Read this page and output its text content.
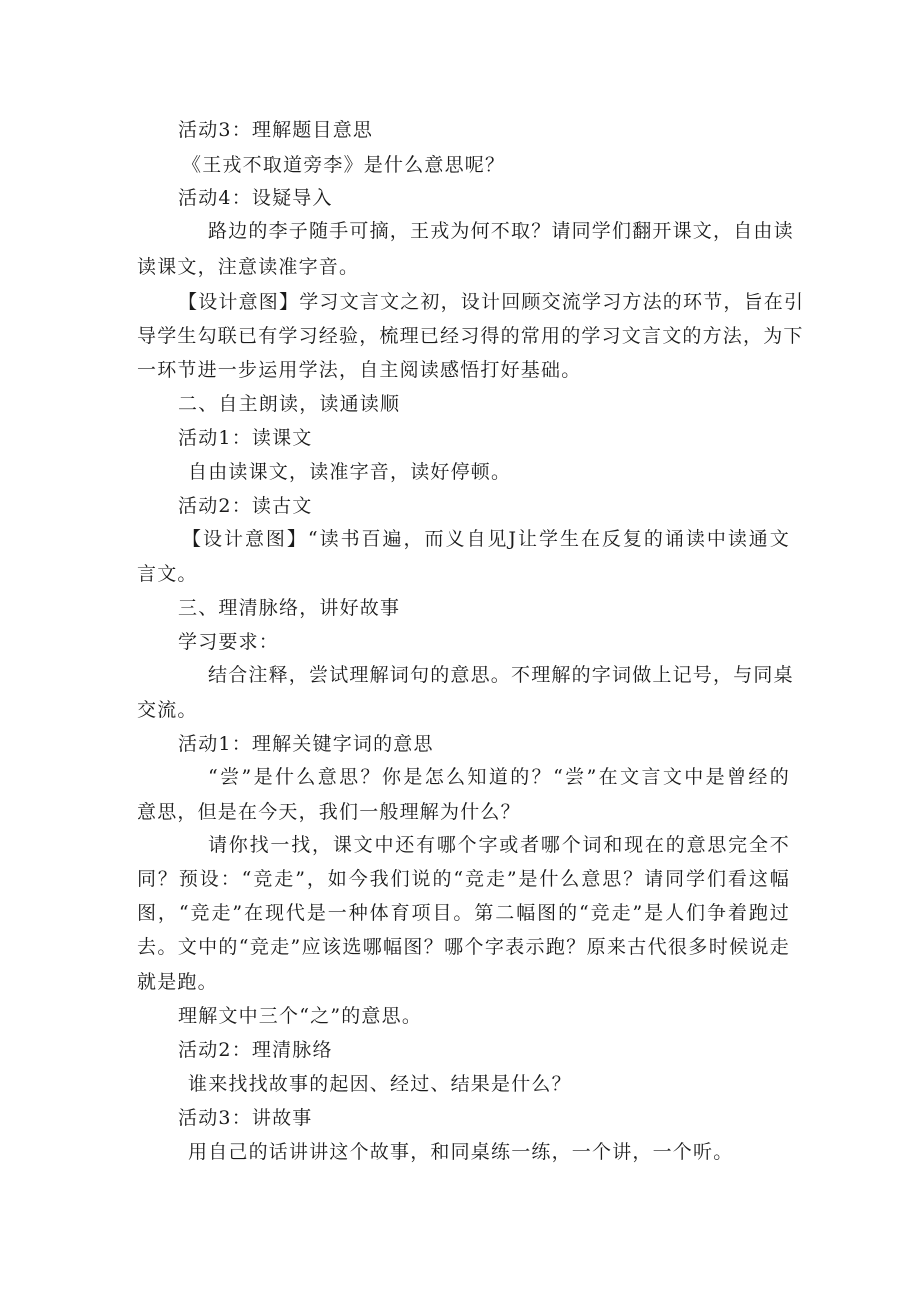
活动3：理解题目意思
《王戎不取道旁李》是什么意思呢？
活动4：设疑导入
路边的李子随手可摘，王戎为何不取？请同学们翻开课文，自由读
读课文，注意读准字音。
【设计意图】学习文言文之初，设计回顾交流学习方法的环节，旨在引
导学生勾联已有学习经验，梳理已经习得的常用的学习文言文的方法，为下
一环节进一步运用学法，自主阅读感悟打好基础。
二、自主朗读，读通读顺
活动1：读课文
自由读课文，读准字音，读好停顿。
活动2：读古文
【设计意图】“读书百遍，而义自见J让学生在反复的诵读中读通文
言文。
三、理清脉络，讲好故事
学习要求：
结合注释，尝试理解词句的意思。不理解的字词做上记号，与同桌
交流。
活动1：理解关键字词的意思
“尝”是什么意思？你是怎么知道的？“尝”在文言文中是曾经的
意思，但是在今天，我们一般理解为什么？
请你找一找，课文中还有哪个字或者哪个词和现在的意思完全不
同？预设：“竞走”，如今我们说的“竞走”是什么意思？请同学们看这幅
图，“竞走”在现代是一种体育项目。第二幅图的“竞走”是人们争着跑过
去。文中的“竞走”应该选哪幅图？哪个字表示跑？原来古代很多时候说走
就是跑。
理解文中三个“之”的意思。
活动2：理清脉络
谁来找找故事的起因、经过、结果是什么？
活动3：讲故事
用自己的话讲讲这个故事，和同桌练一练，一个讲，一个听。
